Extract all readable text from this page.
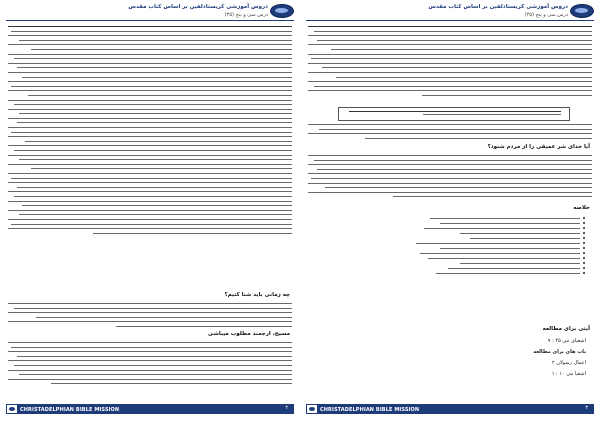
دروس آموزشی کریستادلفین بر اساس کتاب مقدس
درس سی و پنج (۳۵)
آیا خدای شر عمیقی را از مردم شنود؟
خلاصه
آیتی برای مطالعه
اشعیای نبی ۴۵ : ۷
باب های برای مطالعه
اعمال رسولان ۲
اشعیا نبی ۱۰ : ۱
CHRISTADELPHIAN BIBLE MISSION	۳
دروس آموزشی کریستادلفین بر اساس کتاب مقدس
درس سی و پنج (۳۵)
چه زمانی باید شنا کنیم؟
مسیح، ارجمند مطلوب میباشی
CHRISTADELPHIAN BIBLE MISSION	۲
